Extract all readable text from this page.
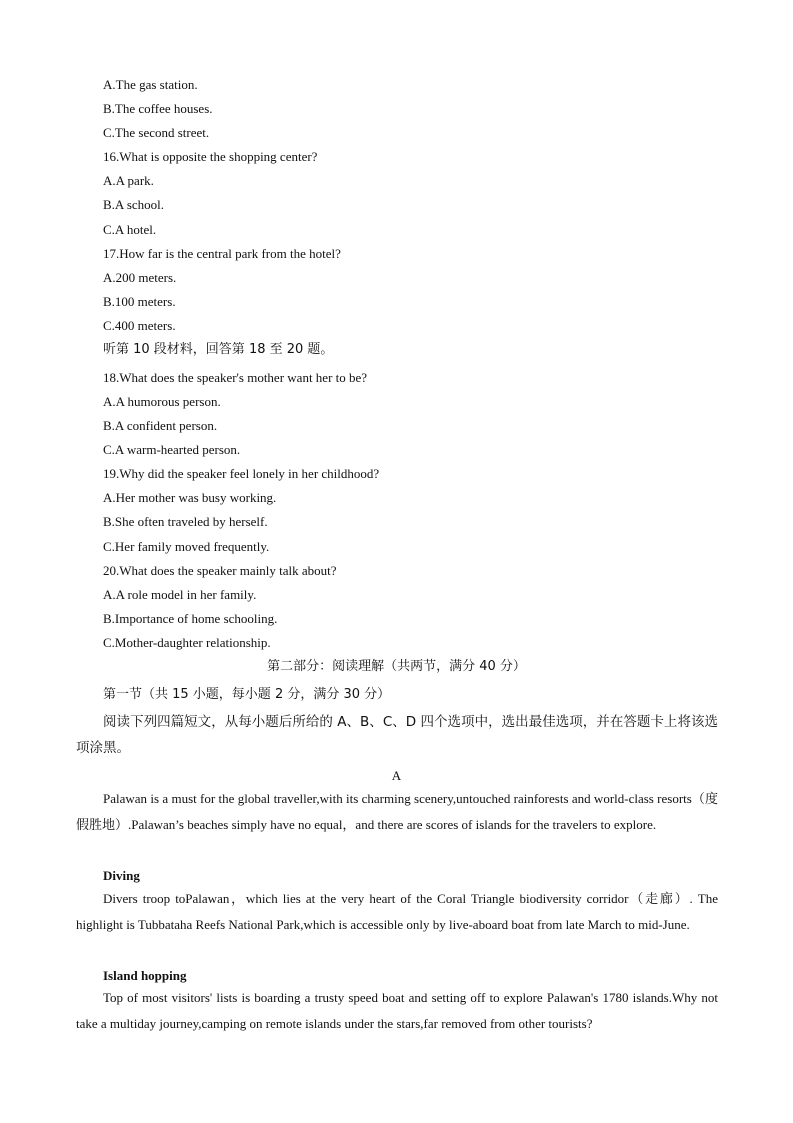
A.The gas station.
B.The coffee houses.
C.The second street.
16.What is opposite the shopping center?
A.A park.
B.A school.
C.A hotel.
17.How far is the central park from the hotel?
A.200 meters.
B.100 meters.
C.400 meters.
听第 10 段材料，回答第 18 至 20 题。
18.What does the speaker's mother want her to be?
A.A humorous person.
B.A confident person.
C.A warm-hearted person.
19.Why did the speaker feel lonely in her childhood?
A.Her mother was busy working.
B.She often traveled by herself.
C.Her family moved frequently.
20.What does the speaker mainly talk about?
A.A role model in her family.
B.Importance of home schooling.
C.Mother-daughter relationship.
第二部分：阅读理解（共两节，满分 40 分）
第一节（共 15 小题，每小题 2 分，满分 30 分）
阅读下列四篇短文，从每小题后所给的 A、B、C、D 四个选项中，选出最佳选项，并在答题卡上将该选项涂黑。
A
Palawan is a must for the global traveller,with its charming scenery,untouched rainforests and world-class resorts（度假胜地）.Palawan’s beaches simply have no equal，and there are scores of islands for the travelers to explore.
Diving
Divers troop toPalawan，which lies at the very heart of the Coral Triangle biodiversity corridor（走廊）. The highlight is Tubbataha Reefs National Park,which is accessible only by live-aboard boat from late March to mid-June.
Island hopping
Top of most visitors' lists is boarding a trusty speed boat and setting off to explore Palawan's 1780 islands.Why not take a multiday journey,camping on remote islands under the stars,far removed from other tourists?
